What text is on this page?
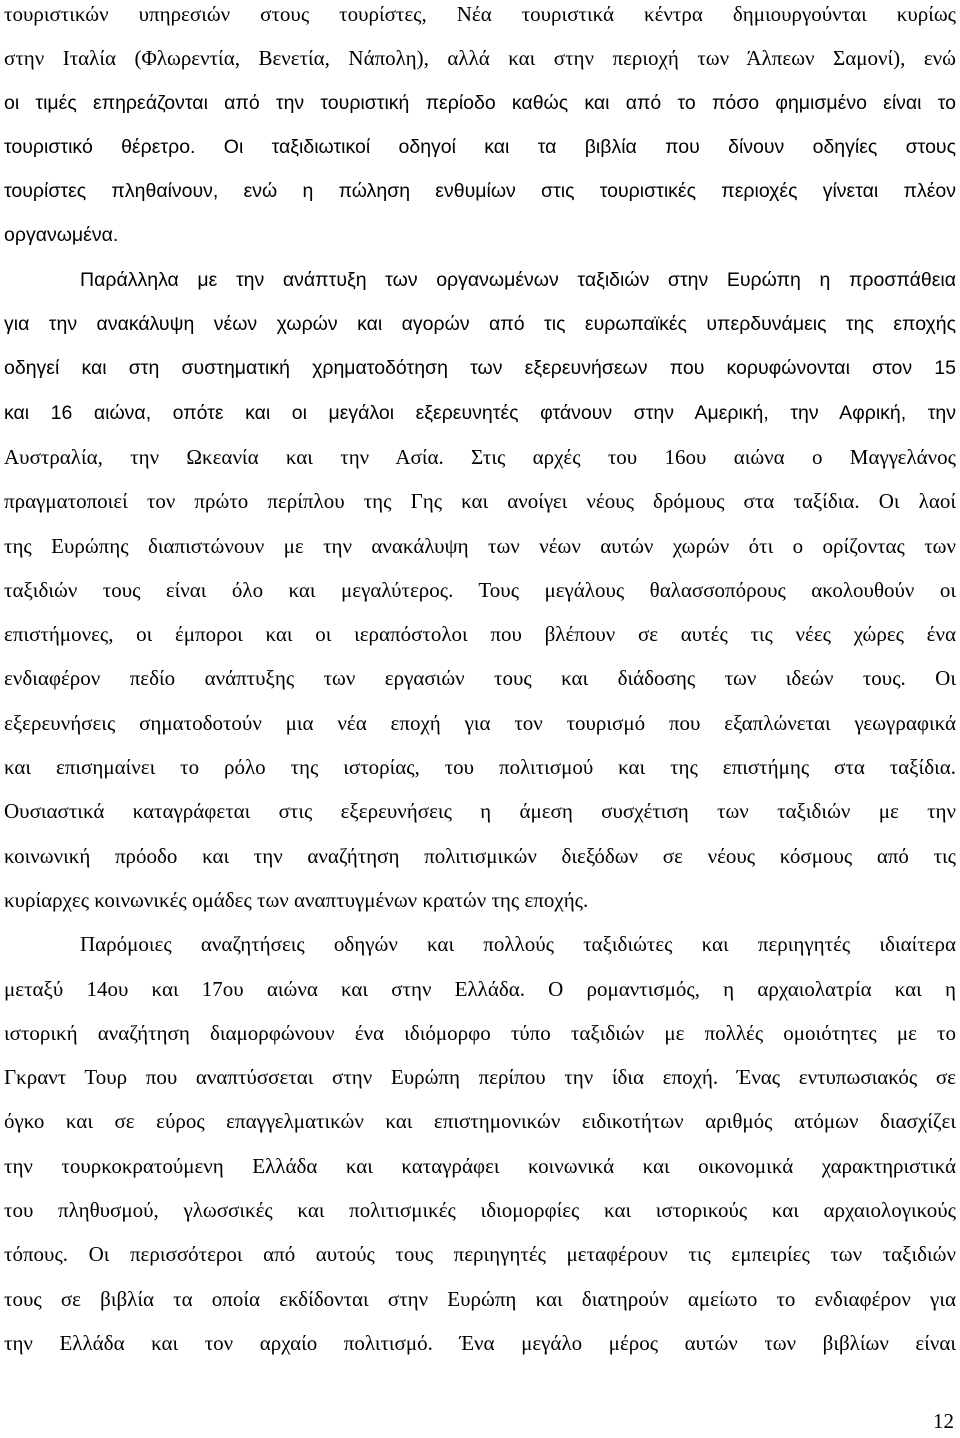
τουριστικών υπηρεσιών στους τουρίστες, Νέα τουριστικά κέντρα δημιουργούνται κυρίως
στην Ιταλία (Φλωρεντία, Βενετία, Νάπολη), αλλά και στην περιοχή των Άλπεων Σαμονί), ενώ
οι τιμές επηρεάζονται από την τουριστική περίοδο καθώς και από το πόσο φημισμένο είναι το
τουριστικό θέρετρο. Οι ταξιδιωτικοί οδηγοί και τα βιβλία που δίνουν οδηγίες στους
τουρίστες πληθαίνουν, ενώ η πώληση ενθυμίων στις τουριστικές περιοχές γίνεται πλέον
οργανωμένα.
Παράλληλα με την ανάπτυξη των οργανωμένων ταξιδιών στην Ευρώπη η προσπάθεια
για την ανακάλυψη νέων χωρών και αγορών από τις ευρωπαϊκές υπερδυνάμεις της εποχής
οδηγεί και στη συστηματική χρηματοδότηση των εξερευνήσεων που κορυφώνονται στον 15
και 16 αιώνα, οπότε και οι μεγάλοι εξερευνητές φτάνουν στην Αμερική, την Αφρική, την
Αυστραλία, την Ωκεανία και την Ασία. Στις αρχές του 16ου αιώνα ο Μαγγελάνος
πραγματοποιεί τον πρώτο περίπλου της Γης και ανοίγει νέους δρόμους στα ταξίδια. Οι λαοί
της Ευρώπης διαπιστώνουν με την ανακάλυψη των νέων αυτών χωρών ότι ο ορίζοντας των
ταξιδιών τους είναι όλο και μεγαλύτερος. Τους μεγάλους θαλασσοπόρους ακολουθούν οι
επιστήμονες, οι έμποροι και οι ιεραπόστολοι που βλέπουν σε αυτές τις νέες χώρες ένα
ενδιαφέρον πεδίο ανάπτυξης των εργασιών τους και διάδοσης των ιδεών τους. Οι
εξερευνήσεις σηματοδοτούν μια νέα εποχή για τον τουρισμό που εξαπλώνεται γεωγραφικά
και επισημαίνει το ρόλο της ιστορίας, του πολιτισμού και της επιστήμης στα ταξίδια.
Ουσιαστικά καταγράφεται στις εξερευνήσεις η άμεση συσχέτιση των ταξιδιών με την
κοινωνική πρόοδο και την αναζήτηση πολιτισμικών διεξόδων σε νέους κόσμους από τις
κυρίαρχες κοινωνικές ομάδες των αναπτυγμένων κρατών της εποχής.
Παρόμοιες αναζητήσεις οδηγών και πολλούς ταξιδιώτες και περιηγητές ιδιαίτερα
μεταξύ 14ου και 17ου αιώνα και στην Ελλάδα. Ο ρομαντισμός, η αρχαιολατρία και η
ιστορική αναζήτηση διαμορφώνουν ένα ιδιόμορφο τύπο ταξιδιών με πολλές ομοιότητες με το
Γκραντ Τουρ που αναπτύσσεται στην Ευρώπη περίπου την ίδια εποχή. Ένας εντυπωσιακός σε
όγκο και σε εύρος επαγγελματικών και επιστημονικών ειδικοτήτων αριθμός ατόμων διασχίζει
την τουρκοκρατούμενη Ελλάδα και καταγράφει κοινωνικά και οικονομικά χαρακτηριστικά
του πληθυσμού, γλωσσικές και πολιτισμικές ιδιομορφίες και ιστορικούς και αρχαιολογικούς
τόπους. Οι περισσότεροι από αυτούς τους περιηγητές μεταφέρουν τις εμπειρίες των ταξιδιών
τους σε βιβλία τα οποία εκδίδονται στην Ευρώπη και διατηρούν αμείωτο το ενδιαφέρον για
την Ελλάδα και τον αρχαίο πολιτισμό. Ένα μεγάλο μέρος αυτών των βιβλίων είναι
12
